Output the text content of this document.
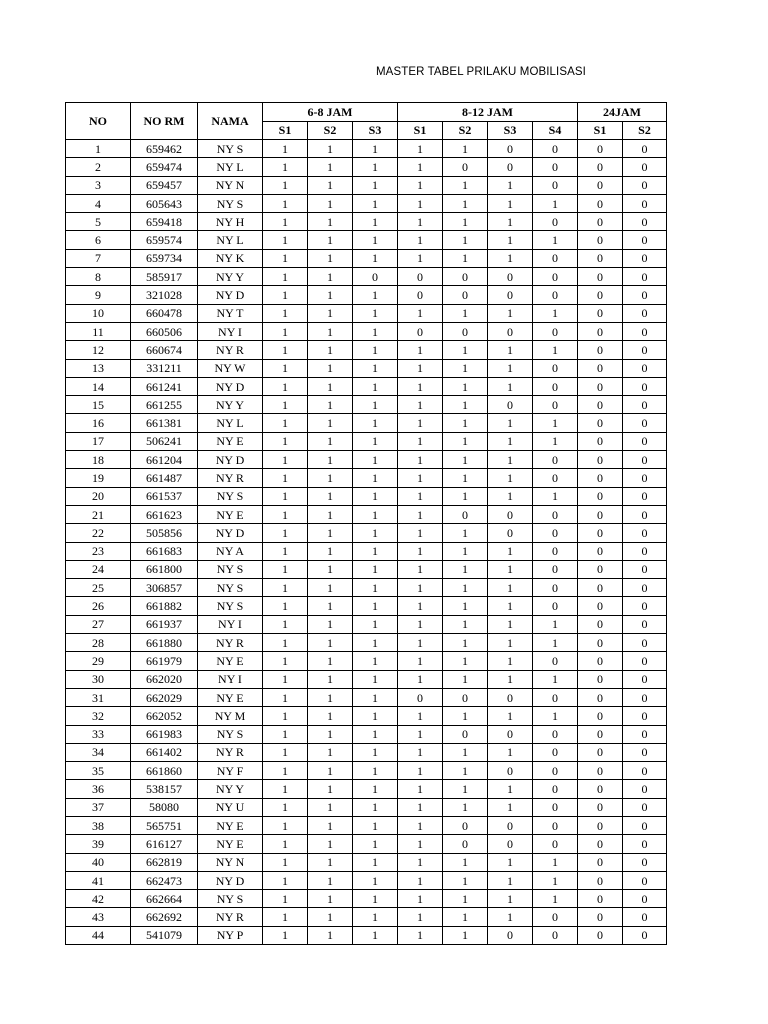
MASTER TABEL PRILAKU MOBILISASI
NO	NO RM	NAMA	6-8 JAM			8-12 JAM				24JAM	
			S1	S2	S3	S1	S2	S3	S4	S1	S2
1	659462	NY S	1	1	1	1	1	0	0	0	0
2	659474	NY L	1	1	1	1	0	0	0	0	0
3	659457	NY N	1	1	1	1	1	1	0	0	0
4	605643	NY S	1	1	1	1	1	1	1	0	0
5	659418	NY H	1	1	1	1	1	1	0	0	0
6	659574	NY L	1	1	1	1	1	1	1	0	0
7	659734	NY K	1	1	1	1	1	1	0	0	0
8	585917	NY Y	1	1	0	0	0	0	0	0	0
9	321028	NY D	1	1	1	0	0	0	0	0	0
10	660478	NY T	1	1	1	1	1	1	1	0	0
11	660506	NY I	1	1	1	0	0	0	0	0	0
12	660674	NY R	1	1	1	1	1	1	1	0	0
13	331211	NY W	1	1	1	1	1	1	0	0	0
14	661241	NY D	1	1	1	1	1	1	0	0	0
15	661255	NY Y	1	1	1	1	1	0	0	0	0
16	661381	NY L	1	1	1	1	1	1	1	0	0
17	506241	NY E	1	1	1	1	1	1	1	0	0
18	661204	NY D	1	1	1	1	1	1	0	0	0
19	661487	NY R	1	1	1	1	1	1	0	0	0
20	661537	NY S	1	1	1	1	1	1	1	0	0
21	661623	NY E	1	1	1	1	0	0	0	0	0
22	505856	NY D	1	1	1	1	1	0	0	0	0
23	661683	NY A	1	1	1	1	1	1	0	0	0
24	661800	NY S	1	1	1	1	1	1	0	0	0
25	306857	NY S	1	1	1	1	1	1	0	0	0
26	661882	NY S	1	1	1	1	1	1	0	0	0
27	661937	NY I	1	1	1	1	1	1	1	0	0
28	661880	NY R	1	1	1	1	1	1	1	0	0
29	661979	NY E	1	1	1	1	1	1	0	0	0
30	662020	NY I	1	1	1	1	1	1	1	0	0
31	662029	NY E	1	1	1	0	0	0	0	0	0
32	662052	NY M	1	1	1	1	1	1	1	0	0
33	661983	NY S	1	1	1	1	0	0	0	0	0
34	661402	NY R	1	1	1	1	1	1	0	0	0
35	661860	NY F	1	1	1	1	1	0	0	0	0
36	538157	NY Y	1	1	1	1	1	1	0	0	0
37	58080	NY U	1	1	1	1	1	1	0	0	0
38	565751	NY E	1	1	1	1	0	0	0	0	0
39	616127	NY E	1	1	1	1	0	0	0	0	0
40	662819	NY N	1	1	1	1	1	1	1	0	0
41	662473	NY D	1	1	1	1	1	1	1	0	0
42	662664	NY S	1	1	1	1	1	1	1	0	0
43	662692	NY R	1	1	1	1	1	1	0	0	0
44	541079	NY P	1	1	1	1	1	0	0	0	0
